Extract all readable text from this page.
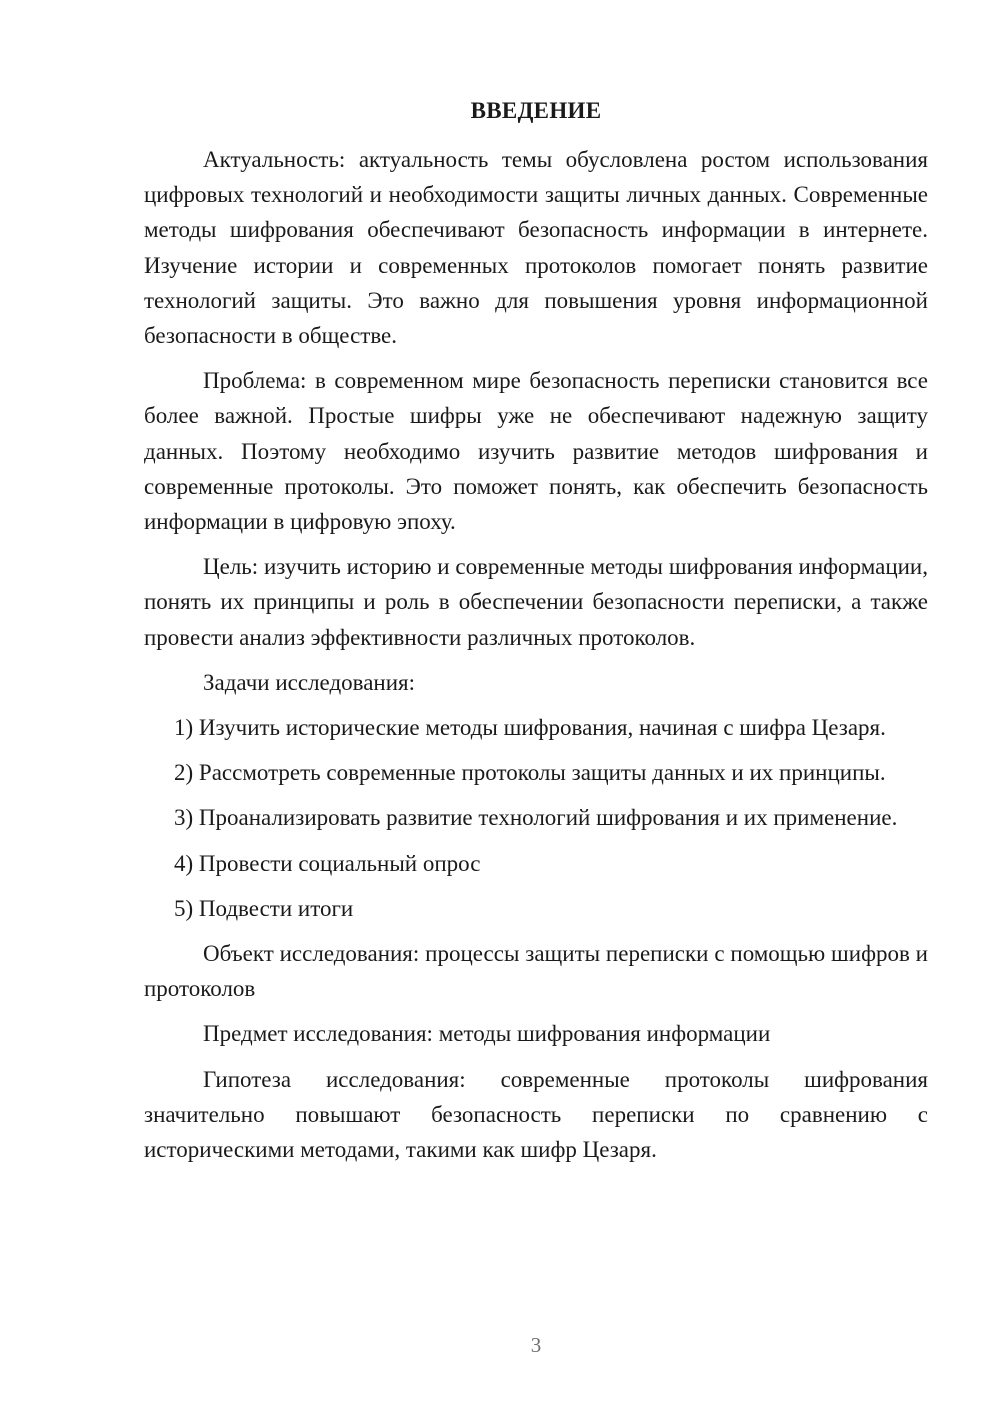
ВВЕДЕНИЕ

Актуальность: актуальность темы обусловлена ростом использования цифровых технологий и необходимости защиты личных данных. Современные методы шифрования обеспечивают безопасность информации в интернете. Изучение истории и современных протоколов помогает понять развитие технологий защиты. Это важно для повышения уровня информационной безопасности в обществе.

Проблема: в современном мире безопасность переписки становится все более важной. Простые шифры уже не обеспечивают надежную защиту данных. Поэтому необходимо изучить развитие методов шифрования и современные протоколы. Это поможет понять, как обеспечить безопасность информации в цифровую эпоху.

Цель: изучить историю и современные методы шифрования информации, понять их принципы и роль в обеспечении безопасности переписки, а также провести анализ эффективности различных протоколов.

Задачи исследования:

1) Изучить исторические методы шифрования, начиная с шифра Цезаря.

2) Рассмотреть современные протоколы защиты данных и их принципы.

3) Проанализировать развитие технологий шифрования и их применение.

4) Провести социальный опрос

5) Подвести итоги

Объект исследования: процессы защиты переписки с помощью шифров и протоколов

Предмет исследования: методы шифрования информации

Гипотеза исследования: современные протоколы шифрования значительно повышают безопасность переписки по сравнению с историческими методами, такими как шифр Цезаря.

3
